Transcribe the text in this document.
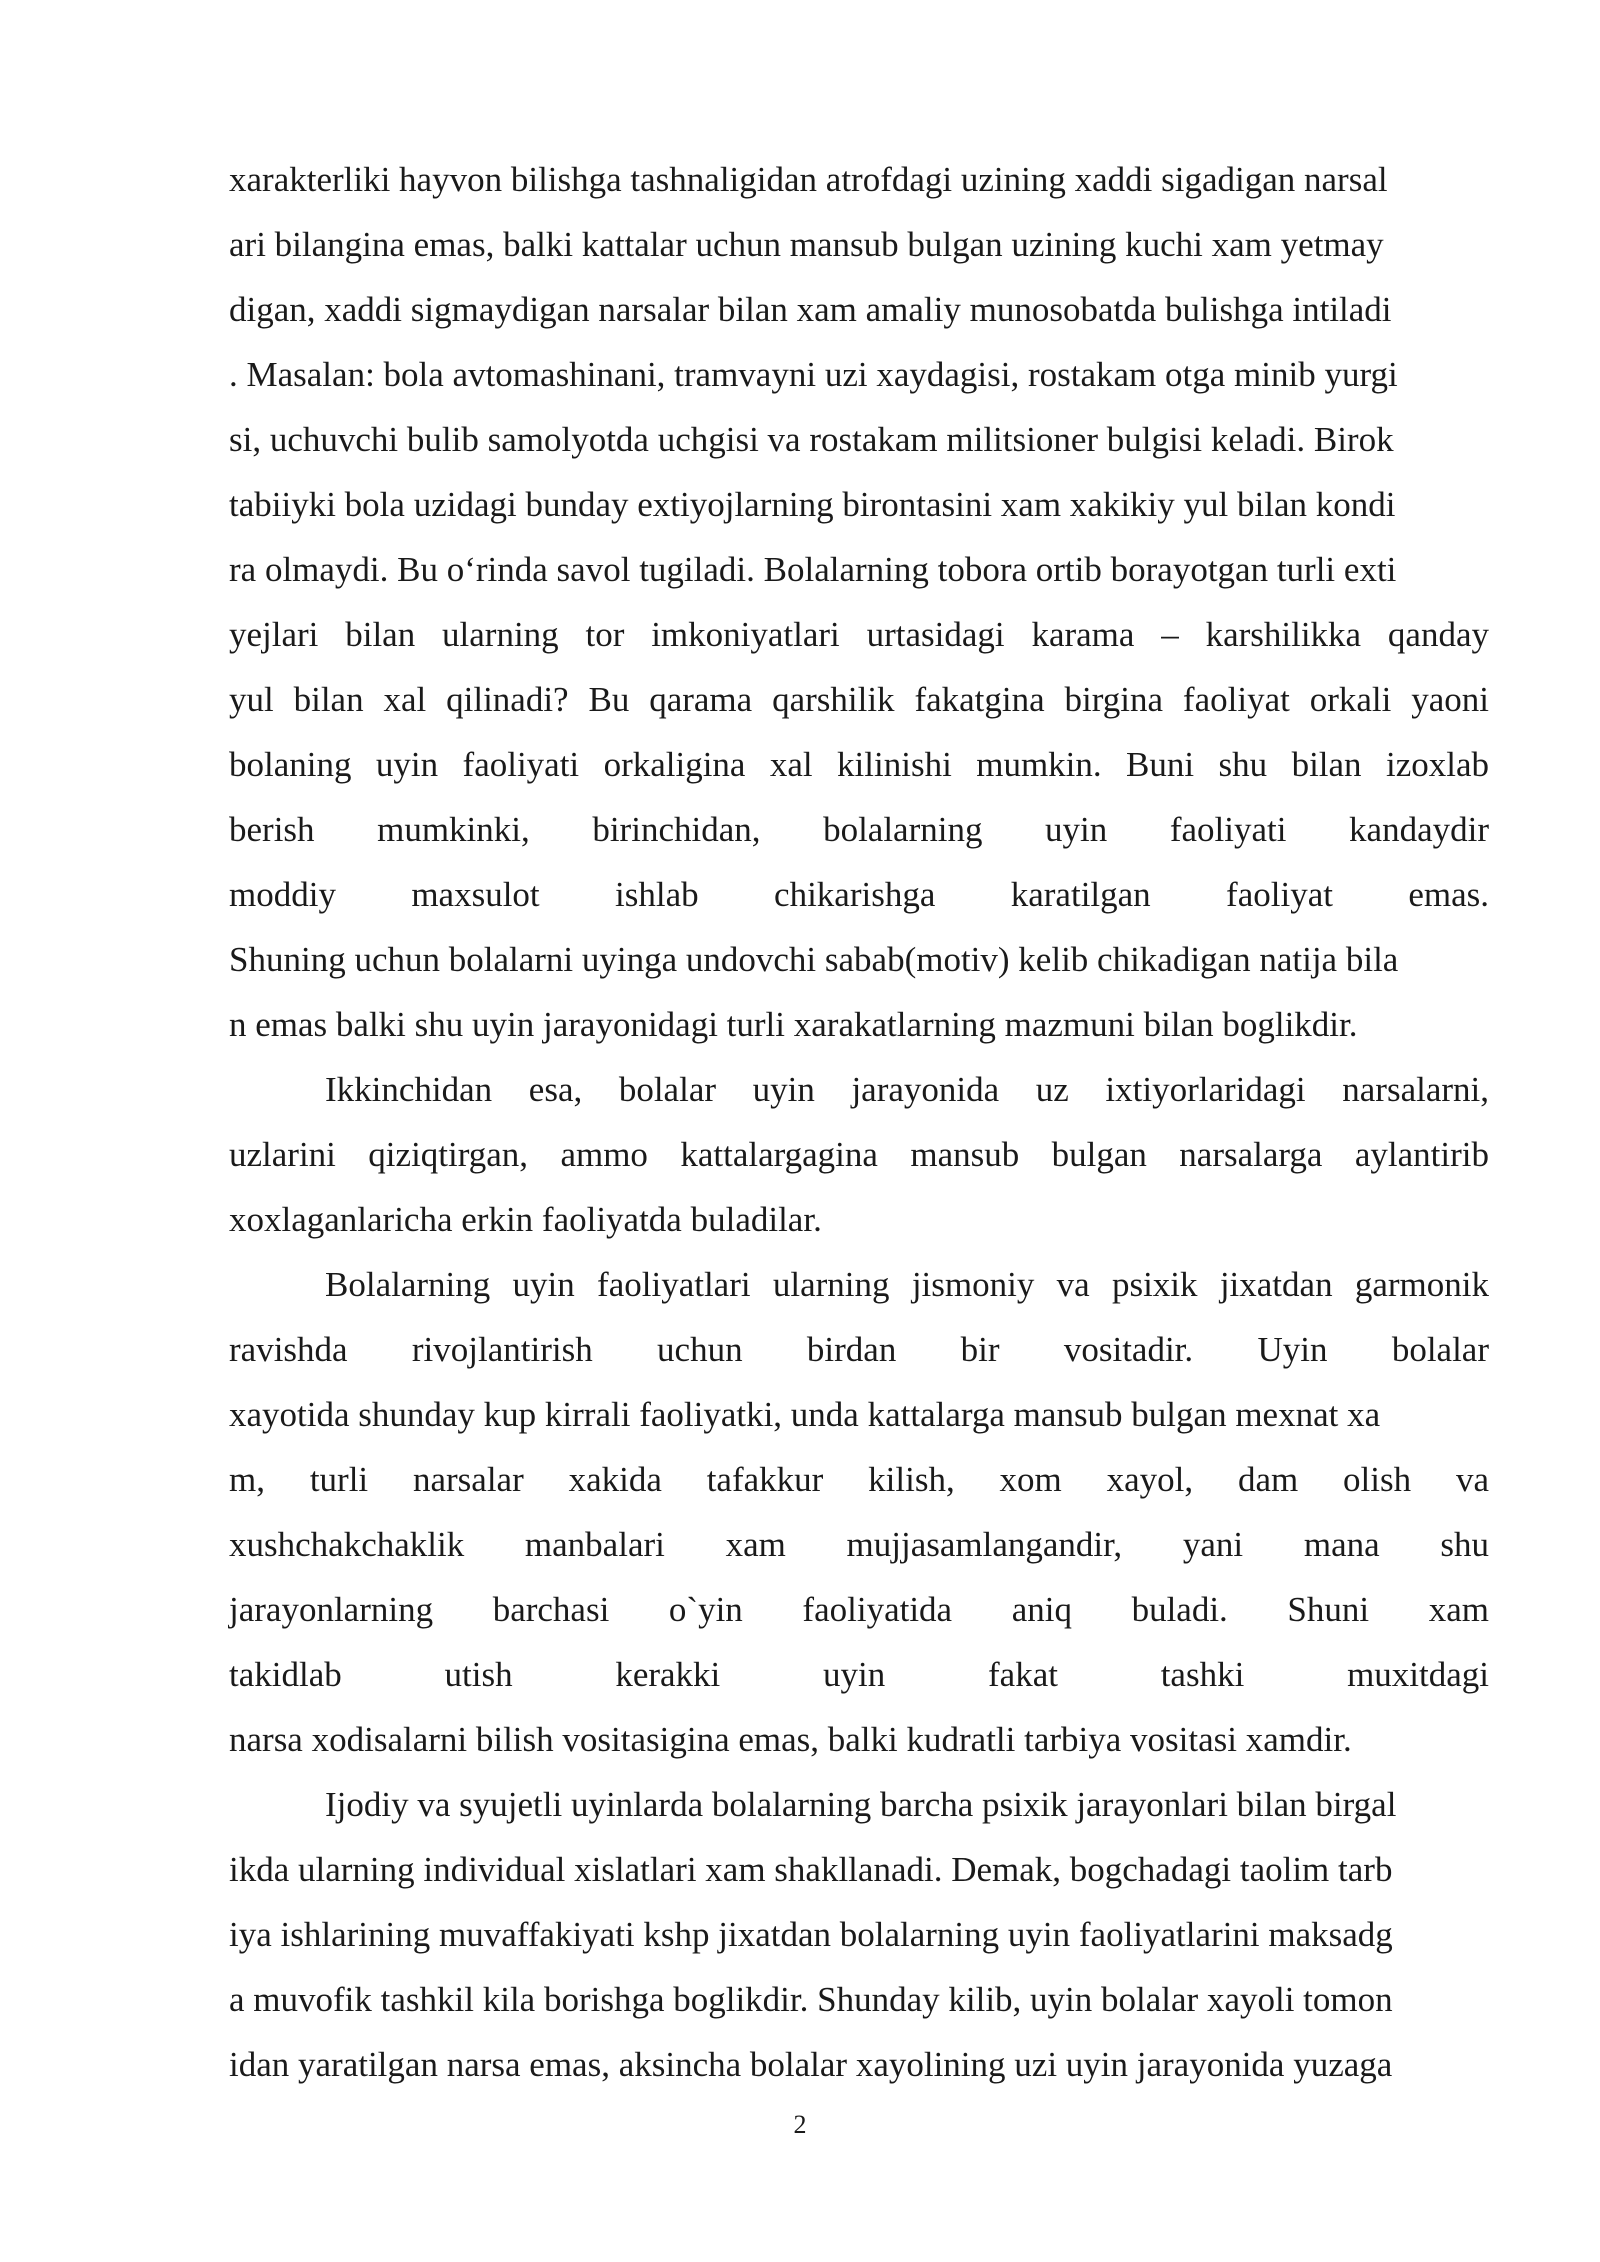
xarakterliki hayvon bilishga tashnaligidan atrofdagi uzining xaddi sigadigan narsal
ari bilangina emas, balki kattalar uchun mansub bulgan uzining kuchi xam yetmay
digan, xaddi sigmaydigan narsalar bilan xam amaliy munosobatda bulishga intiladi
. Masalan: bola avtomashinani, tramvayni uzi xaydagisi, rostakam otga minib yurgi
si, uchuvchi bulib samolyotda uchgisi va rostakam militsioner bulgisi keladi. Birok
tabiiyki bola uzidagi bunday extiyojlarning birontasini xam xakikiy yul bilan kondi
ra olmaydi. Bu o‘rinda savol tugiladi. Bolalarning tobora ortib borayotgan turli exti
yejlari bilan ularning tor imkoniyatlari urtasidagi karama – karshilikka qanday
yul bilan xal qilinadi? Bu qarama qarshilik fakatgina birgina faoliyat orkali yaoni
bolaning uyin faoliyati orkaligina xal kilinishi mumkin. Buni shu bilan izoxlab
berish mumkinki, birinchidan, bolalarning uyin faoliyati kandaydir
moddiy maxsulot ishlab chikarishga karatilgan faoliyat emas.
Shuning uchun bolalarni uyinga undovchi sabab(motiv) kelib chikadigan natija bila
n emas balki shu uyin jarayonidagi turli xarakatlarning mazmuni bilan boglikdir.
Ikkinchidan esa, bolalar uyin jarayonida uz ixtiyorlaridagi narsalarni,
uzlarini qiziqtirgan, ammo kattalargagina mansub bulgan narsalarga aylantirib
xoxlaganlaricha erkin faoliyatda buladilar.
Bolalarning uyin faoliyatlari ularning jismoniy va psixik jixatdan garmonik
ravishda rivojlantirish uchun birdan bir vositadir. Uyin bolalar
xayotida shunday kup kirrali faoliyatki, unda kattalarga mansub bulgan mexnat xa
m, turli narsalar xakida tafakkur kilish, xom xayol, dam olish va
xushchakchaklik manbalari xam mujjasamlangandir, yani mana shu
jarayonlarning barchasi o`yin faoliyatida aniq buladi. Shuni xam
takidlab utish kerakki uyin fakat tashki muxitdagi
narsa xodisalarni bilish vositasigina emas, balki kudratli tarbiya vositasi xamdir.
Ijodiy va syujetli uyinlarda bolalarning barcha psixik jarayonlari bilan birgal
ikda ularning individual xislatlari xam shakllanadi. Demak, bogchadagi taolim tarb
iya ishlarining muvaffakiyati kshp jixatdan bolalarning uyin faoliyatlarini maksadg
a muvofik tashkil kila borishga boglikdir. Shunday kilib, uyin bolalar xayoli tomon
idan yaratilgan narsa emas, aksincha bolalar xayolining uzi uyin jarayonida yuzaga
2
